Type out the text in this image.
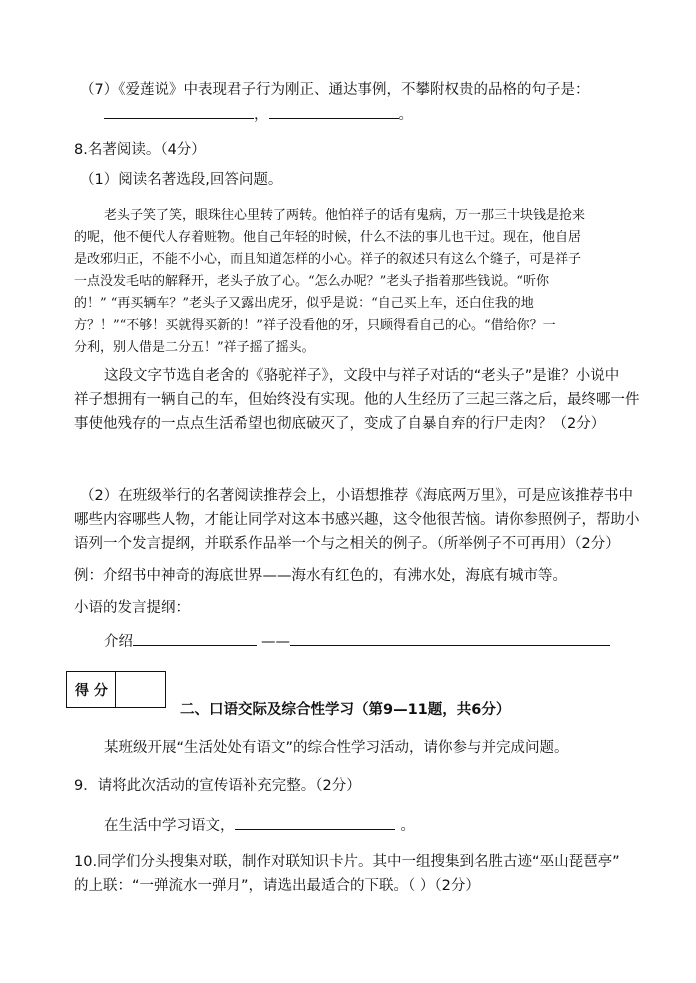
（7）《爱莲说》中表现君子行为刚正、通达事例，不攀附权贵的品格的句子是：
，	。
8.名著阅读。（4分）
（1）阅读名著选段,回答问题。
老头子笑了笑，眼珠往心里转了两转。他怕祥子的话有鬼病，万一那三十块钱是抢来
的呢，他不便代人存着赃物。他自己年轻的时候，什么不法的事儿也干过。现在，他自居
是改邪归正，不能不小心，而且知道怎样的小心。祥子的叙述只有这么个缝子，可是祥子
一点没发毛咕的解释开，老头子放了心。“怎么办呢？”老头子指着那些钱说。“听你
的！” “再买辆车？”老头子又露出虎牙，似乎是说：“自己买上车，还白住我的地
方？！”“不够！买就得买新的！”祥子没看他的牙，只顾得看自己的心。“借给你？一
分利，别人借是二分五！”祥子摇了摇头。
这段文字节选自老舍的《骆驼祥子》，文段中与祥子对话的“老头子”是谁？小说中
祥子想拥有一辆自己的车，但始终没有实现。他的人生经历了三起三落之后，最终哪一件
事使他残存的一点点生活希望也彻底破灭了，变成了自暴自弃的行尸走肉？（2分）
（2）在班级举行的名著阅读推荐会上，小语想推荐《海底两万里》，可是应该推荐书中
哪些内容哪些人物，才能让同学对这本书感兴趣，这令他很苦恼。请你参照例子，帮助小
语列一个发言提纲，并联系作品举一个与之相关的例子。（所举例子不可再用）（2分）
例：介绍书中神奇的海底世界——海水有红色的，有沸水处，海底有城市等。
小语的发言提纲：
介绍	——
得 分
二、口语交际及综合性学习（第9—11题，共6分）
某班级开展“生活处处有语文”的综合性学习活动，请你参与并完成问题。
9．请将此次活动的宣传语补充完整。（2分）
在生活中学习语文，	。
10.同学们分头搜集对联，制作对联知识卡片。其中一组搜集到名胜古迹“巫山琵琶亭”
的上联：“一弹流水一弹月”，请选出最适合的下联。（ ）（2分）
